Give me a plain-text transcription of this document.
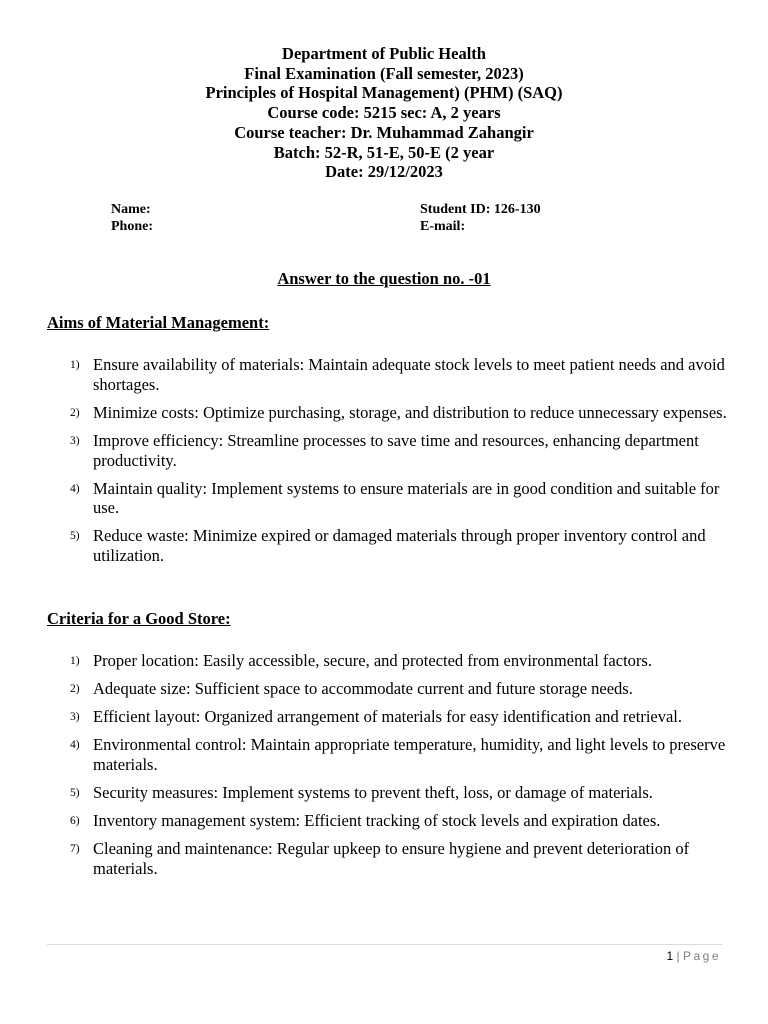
Department of Public Health
Final Examination (Fall semester, 2023)
Principles of Hospital Management) (PHM) (SAQ)
Course code: 5215 sec: A, 2 years
Course teacher: Dr. Muhammad Zahangir
Batch: 52-R, 51-E, 50-E (2 year
Date: 29/12/2023
Name:	Student ID: 126-130
Phone:	E-mail:
Answer to the question no. -01
Aims of Material Management:
1) Ensure availability of materials: Maintain adequate stock levels to meet patient needs and avoid shortages.
2) Minimize costs: Optimize purchasing, storage, and distribution to reduce unnecessary expenses.
3) Improve efficiency: Streamline processes to save time and resources, enhancing department productivity.
4) Maintain quality: Implement systems to ensure materials are in good condition and suitable for use.
5) Reduce waste: Minimize expired or damaged materials through proper inventory control and utilization.
Criteria for a Good Store:
1) Proper location: Easily accessible, secure, and protected from environmental factors.
2) Adequate size: Sufficient space to accommodate current and future storage needs.
3) Efficient layout: Organized arrangement of materials for easy identification and retrieval.
4) Environmental control: Maintain appropriate temperature, humidity, and light levels to preserve materials.
5) Security measures: Implement systems to prevent theft, loss, or damage of materials.
6) Inventory management system: Efficient tracking of stock levels and expiration dates.
7) Cleaning and maintenance: Regular upkeep to ensure hygiene and prevent deterioration of materials.
1 | Page
